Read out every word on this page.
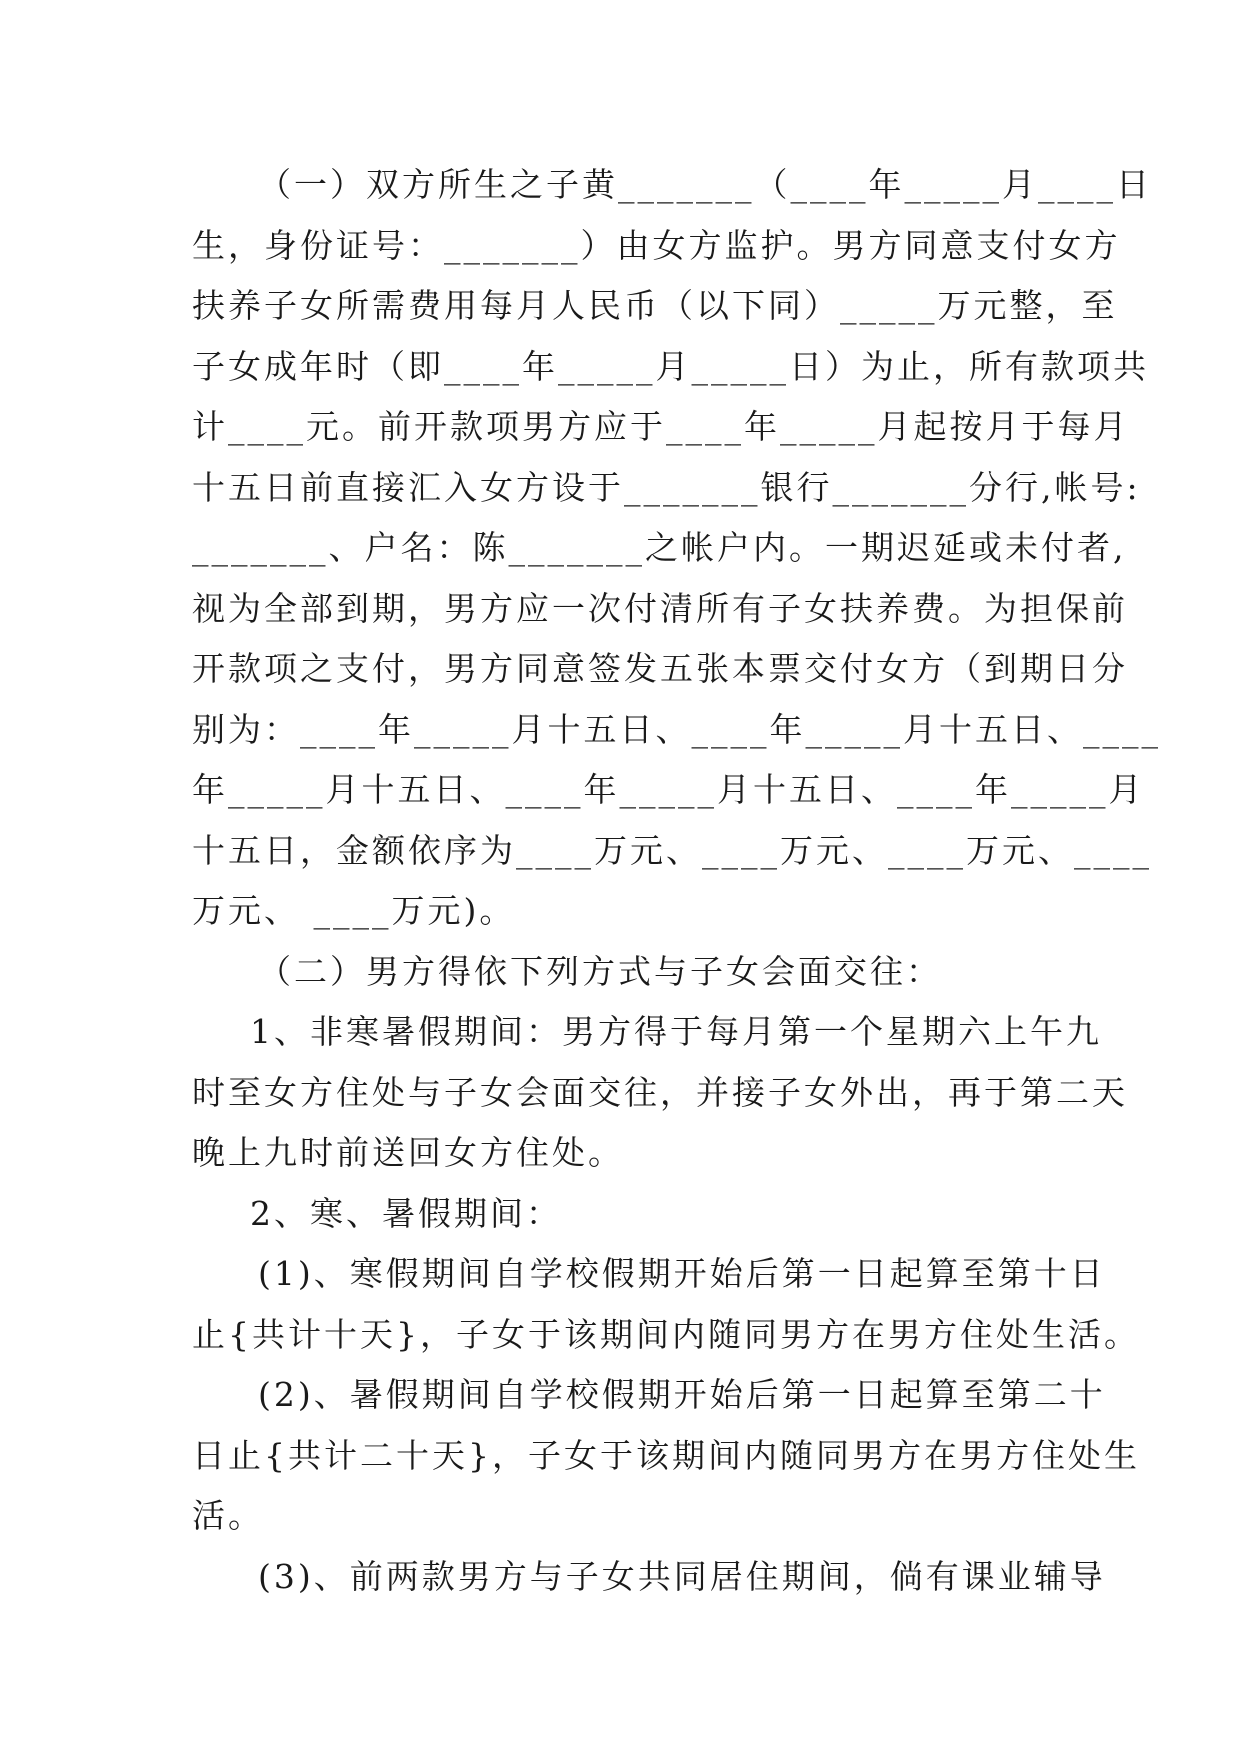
（一）双方所生之子黄_______（____年_____月____日
生，身份证号：_______）由女方监护。男方同意支付女方
扶养子女所需费用每月人民币（以下同）_____万元整，至
子女成年时（即____年_____月_____日）为止，所有款项共
计____元。前开款项男方应于____年_____月起按月于每月
十五日前直接汇入女方设于_______银行_______分行,帐号:
_______、户名：陈_______之帐户内。一期迟延或未付者,
视为全部到期，男方应一次付清所有子女扶养费。为担保前
开款项之支付，男方同意签发五张本票交付女方（到期日分
别为：____年_____月十五日、____年_____月十五日、____
年_____月十五日、____年_____月十五日、____年_____月
十五日，金额依序为____万元、____万元、____万元、____
万元、 ____万元)。
（二）男方得依下列方式与子女会面交往：
1、非寒暑假期间：男方得于每月第一个星期六上午九
时至女方住处与子女会面交往，并接子女外出，再于第二天
晚上九时前送回女方住处。
2、寒、暑假期间：
(1)、寒假期间自学校假期开始后第一日起算至第十日
止{共计十天}，子女于该期间内随同男方在男方住处生活。
(2)、暑假期间自学校假期开始后第一日起算至第二十
日止{共计二十天}，子女于该期间内随同男方在男方住处生
活。
(3)、前两款男方与子女共同居住期间，倘有课业辅导
